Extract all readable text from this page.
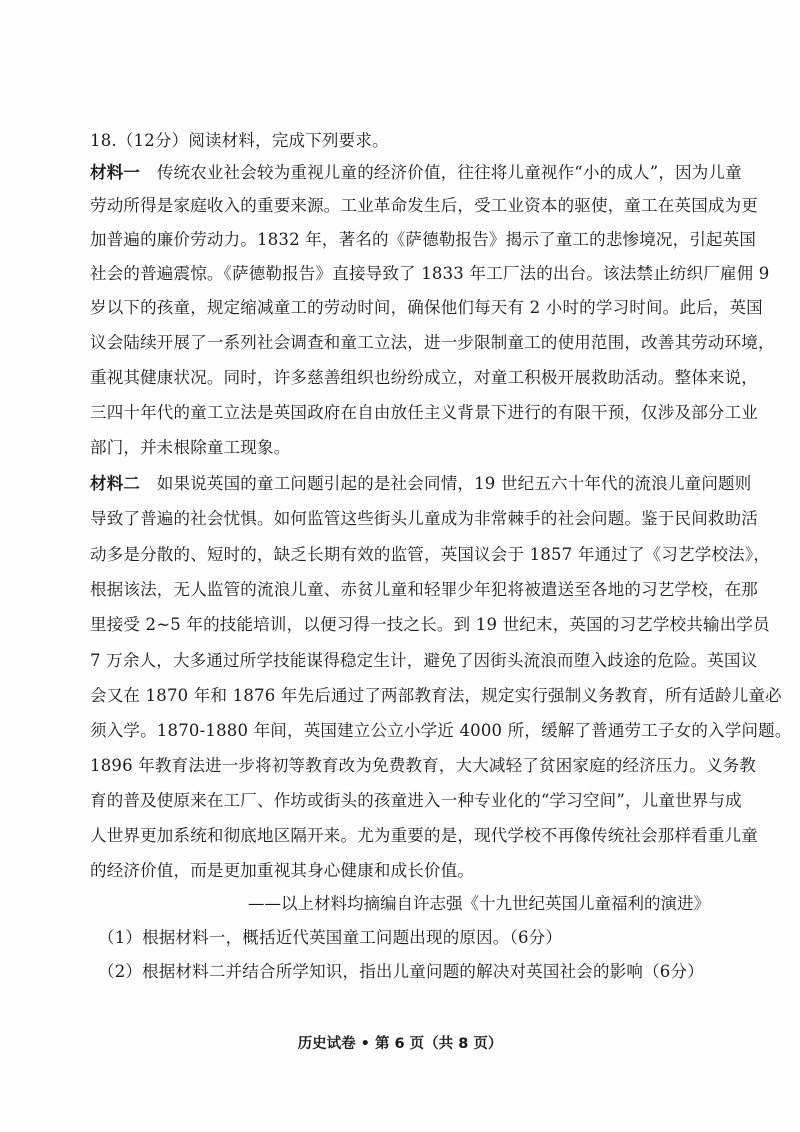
18.（12分）阅读材料，完成下列要求。
材料一  传统农业社会较为重视儿童的经济价值，往往将儿童视作“小的成人”，因为儿童
劳动所得是家庭收入的重要来源。工业革命发生后，受工业资本的驱使，童工在英国成为更
加普遍的廉价劳动力。1832 年，著名的《萨德勒报告》揭示了童工的悲惨境况，引起英国
社会的普遍震惊。《萨德勒报告》直接导致了 1833 年工厂法的出台。该法禁止纺织厂雇佣 9
岁以下的孩童，规定缩减童工的劳动时间，确保他们每天有 2 小时的学习时间。此后，英国
议会陆续开展了一系列社会调查和童工立法，进一步限制童工的使用范围，改善其劳动环境，
重视其健康状况。同时，许多慈善组织也纷纷成立，对童工积极开展救助活动。整体来说，
三四十年代的童工立法是英国政府在自由放任主义背景下进行的有限干预，仅涉及部分工业
部门，并未根除童工现象。
材料二  如果说英国的童工问题引起的是社会同情，19 世纪五六十年代的流浪儿童问题则
导致了普遍的社会忧惧。如何监管这些街头儿童成为非常棘手的社会问题。鉴于民间救助活
动多是分散的、短时的，缺乏长期有效的监管，英国议会于 1857 年通过了《习艺学校法》，
根据该法，无人监管的流浪儿童、赤贫儿童和轻罪少年犯将被遣送至各地的习艺学校，在那
里接受 2~5 年的技能培训，以便习得一技之长。到 19 世纪末，英国的习艺学校共输出学员
7 万余人，大多通过所学技能谋得稳定生计，避免了因街头流浪而堕入歧途的危险。英国议
会又在 1870 年和 1876 年先后通过了两部教育法，规定实行强制义务教育，所有适龄儿童必
须入学。1870-1880 年间，英国建立公立小学近 4000 所，缓解了普通劳工子女的入学问题。
1896 年教育法进一步将初等教育改为免费教育，大大减轻了贫困家庭的经济压力。义务教
育的普及使原来在工厂、作坊或街头的孩童进入一种专业化的“学习空间”，儿童世界与成
人世界更加系统和彻底地区隔开来。尤为重要的是，现代学校不再像传统社会那样看重儿童
的经济价值，而是更加重视其身心健康和成长价值。
——以上材料均摘编自许志强《十九世纪英国儿童福利的演进》
（1）根据材料一，概括近代英国童工问题出现的原因。（6分）
（2）根据材料二并结合所学知识，指出儿童问题的解决对英国社会的影响（6分）
历史试卷 • 第 6 页（共 8 页）
